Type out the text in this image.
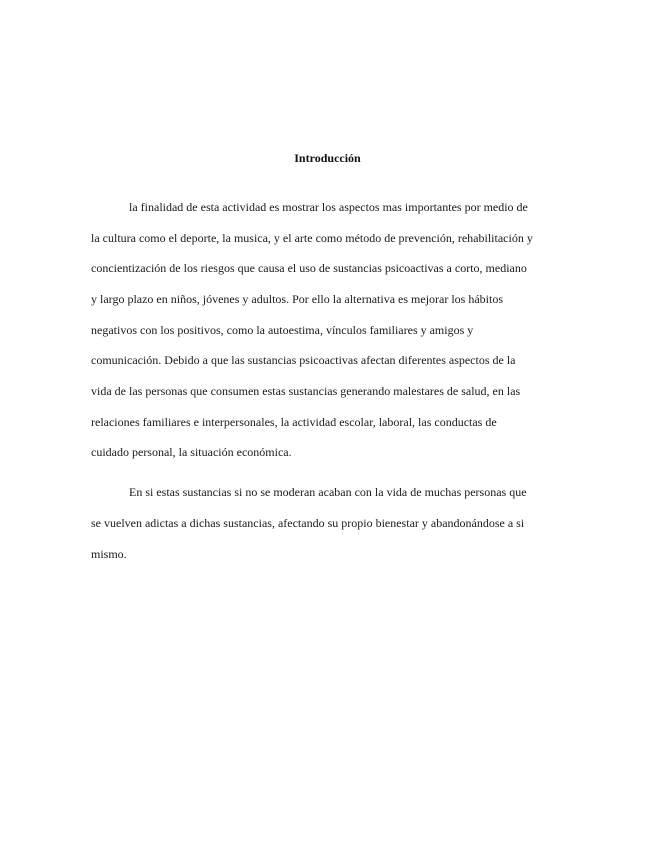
Introducción
la finalidad de esta actividad es mostrar los aspectos mas importantes por medio de
la cultura como el deporte, la musica, y el arte como método de prevención, rehabilitación y
concientización de los riesgos que causa el uso de sustancias psicoactivas a corto, mediano
y largo plazo en niños, jóvenes y adultos. Por ello la alternativa es mejorar los hábitos
negativos con los positivos, como la autoestima, vínculos familiares y amigos y
comunicación. Debido a que las sustancias psicoactivas afectan diferentes aspectos de la
vida de las personas que consumen estas sustancias generando malestares de salud, en las
relaciones familiares e interpersonales, la actividad escolar, laboral, las conductas de
cuidado personal, la situación económica.
En si estas sustancias si no se moderan acaban con la vida de muchas personas que
se vuelven adictas a dichas sustancias, afectando su propio bienestar y abandonándose a si
mismo.
